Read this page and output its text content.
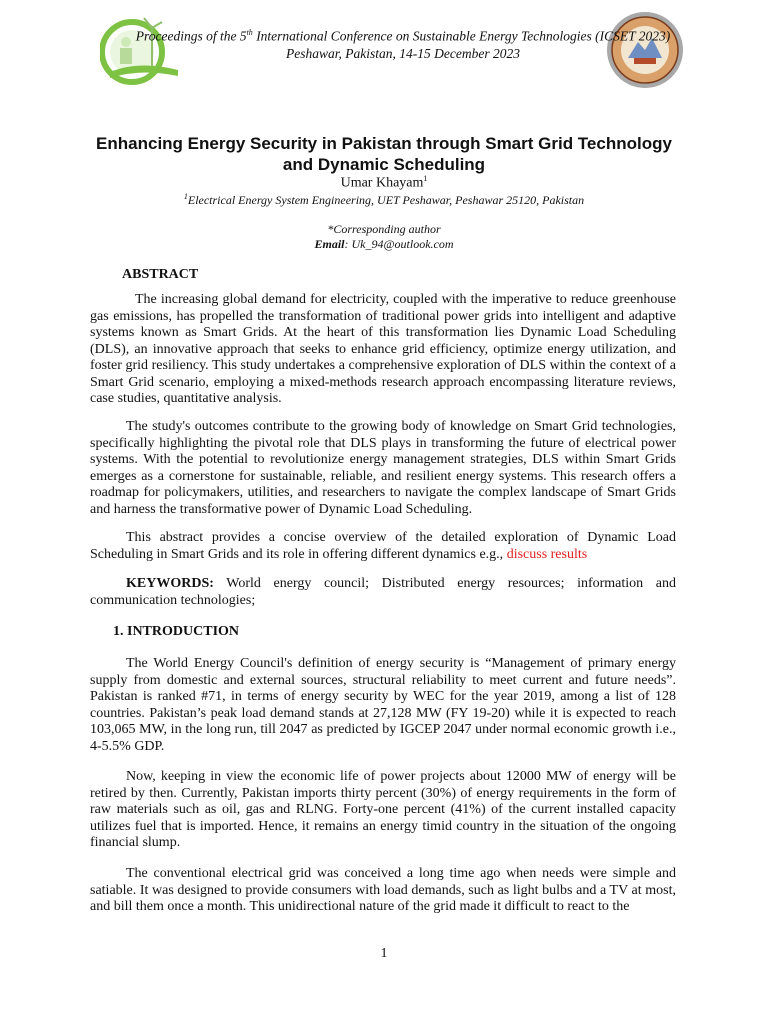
Proceedings of the 5th International Conference on Sustainable Energy Technologies (ICSET 2023)
Peshawar, Pakistan, 14-15 December 2023
Enhancing Energy Security in Pakistan through Smart Grid Technology and Dynamic Scheduling
Umar Khayam$^1$
$^1$Electrical Energy System Engineering, UET Peshawar, Peshawar 25120, Pakistan
*Corresponding author
Email: Uk_94@outlook.com
ABSTRACT
The increasing global demand for electricity, coupled with the imperative to reduce greenhouse gas emissions, has propelled the transformation of traditional power grids into intelligent and adaptive systems known as Smart Grids. At the heart of this transformation lies Dynamic Load Scheduling (DLS), an innovative approach that seeks to enhance grid efficiency, optimize energy utilization, and foster grid resiliency. This study undertakes a comprehensive exploration of DLS within the context of a Smart Grid scenario, employing a mixed-methods research approach encompassing literature reviews, case studies, quantitative analysis.
The study's outcomes contribute to the growing body of knowledge on Smart Grid technologies, specifically highlighting the pivotal role that DLS plays in transforming the future of electrical power systems. With the potential to revolutionize energy management strategies, DLS within Smart Grids emerges as a cornerstone for sustainable, reliable, and resilient energy systems. This research offers a roadmap for policymakers, utilities, and researchers to navigate the complex landscape of Smart Grids and harness the transformative power of Dynamic Load Scheduling.
This abstract provides a concise overview of the detailed exploration of Dynamic Load Scheduling in Smart Grids and its role in offering different dynamics e.g., discuss results
KEYWORDS: World energy council; Distributed energy resources; information and communication technologies;
1. INTRODUCTION
The World Energy Council's definition of energy security is “Management of primary energy supply from domestic and external sources, structural reliability to meet current and future needs”. Pakistan is ranked #71, in terms of energy security by WEC for the year 2019, among a list of 128 countries. Pakistan’s peak load demand stands at 27,128 MW (FY 19-20) while it is expected to reach 103,065 MW, in the long run, till 2047 as predicted by IGCEP 2047 under normal economic growth i.e., 4-5.5% GDP.
Now, keeping in view the economic life of power projects about 12000 MW of energy will be retired by then. Currently, Pakistan imports thirty percent (30%) of energy requirements in the form of raw materials such as oil, gas and RLNG. Forty-one percent (41%) of the current installed capacity utilizes fuel that is imported. Hence, it remains an energy timid country in the situation of the ongoing financial slump.
The conventional electrical grid was conceived a long time ago when needs were simple and satiable. It was designed to provide consumers with load demands, such as light bulbs and a TV at most, and bill them once a month. This unidirectional nature of the grid made it difficult to react to the
1
